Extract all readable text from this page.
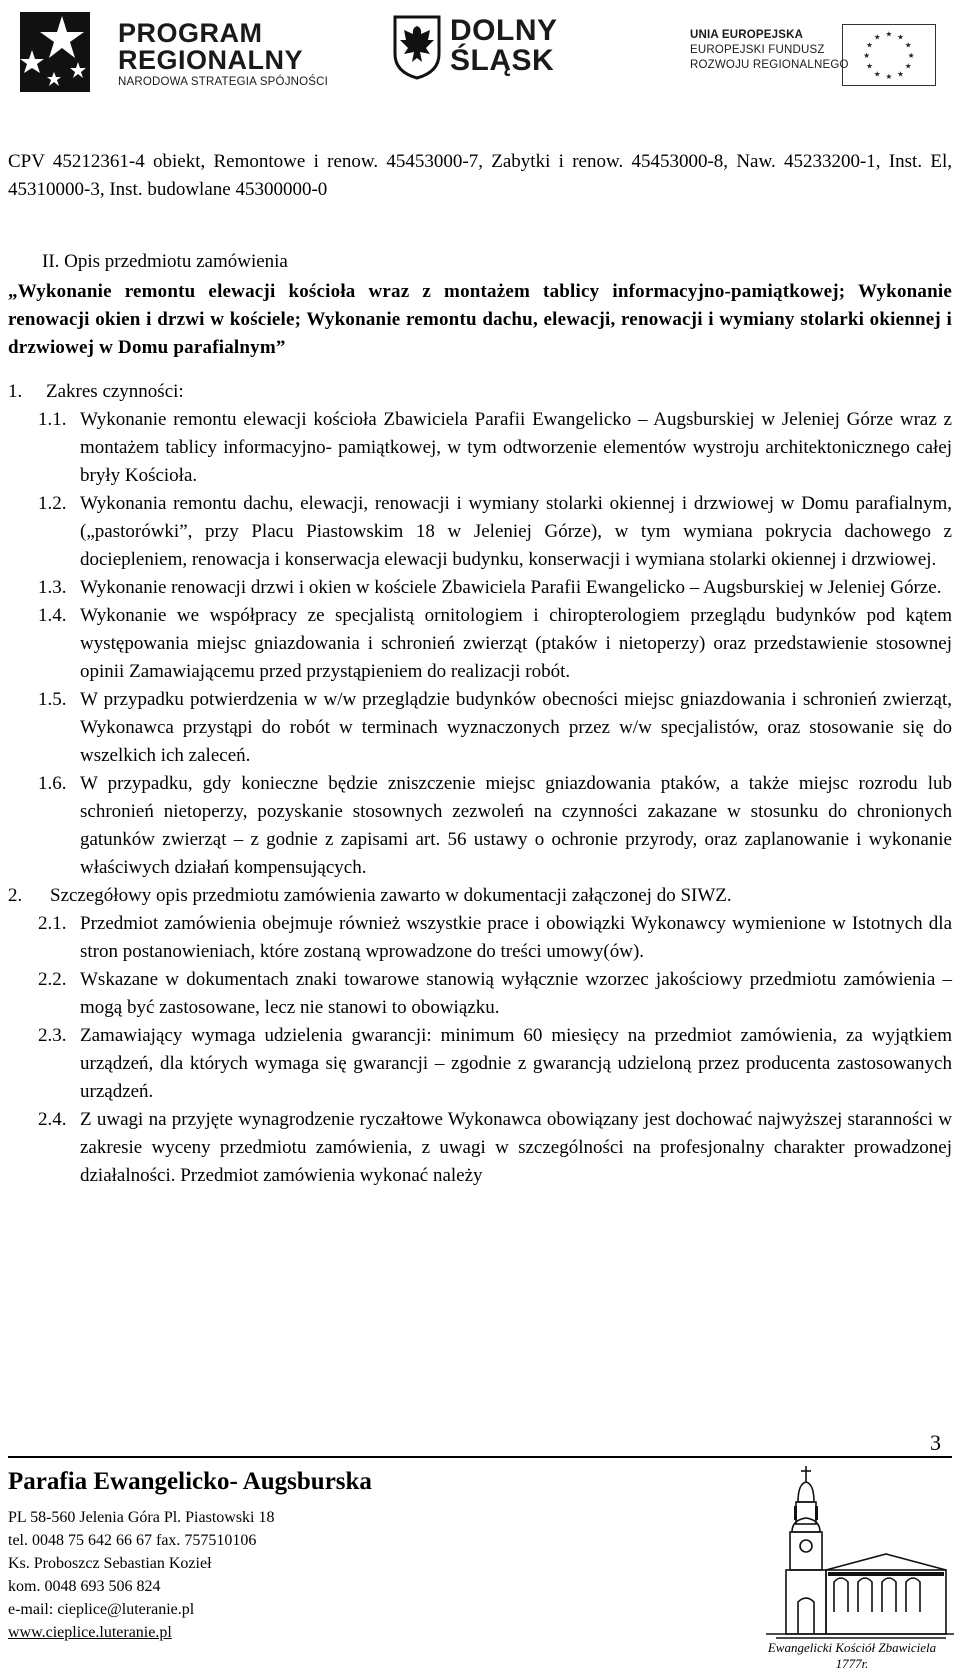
PROGRAM
REGIONALNY
NARODOWA STRATEGIA SPÓJNOŚCI
DOLNY
ŚLĄSK
UNIA EUROPEJSKA
EUROPEJSKI FUNDUSZ
ROZWOJU REGIONALNEGO
★ ★
★
★
★
★
★
★
★
★
★
★

CPV 45212361-4 obiekt, Remontowe i renow. 45453000-7, Zabytki i renow. 45453000-8, Naw. 45233200-1, Inst. El, 45310000-3, Inst. budowlane 45300000-0

II. Opis przedmiotu zamówienia

„Wykonanie remontu elewacji kościoła wraz z montażem tablicy informacyjno-pamiątkowej; Wykonanie renowacji okien i drzwi w kościele; Wykonanie remontu dachu, elewacji, renowacji i wymiany stolarki okiennej i drzwiowej w Domu parafialnym”

1.	Zakres czynności:
1.1. Wykonanie remontu elewacji kościoła Zbawiciela Parafii Ewangelicko – Augsburskiej w Jeleniej Górze wraz z montażem tablicy informacyjno- pamiątkowej, w tym odtworzenie elementów wystroju architektonicznego całej bryły Kościoła.
1.2. Wykonania remontu dachu, elewacji, renowacji i wymiany stolarki okiennej i drzwiowej w Domu parafialnym, („pastorówki”, przy Placu Piastowskim 18 w Jeleniej Górze), w tym wymiana pokrycia dachowego z dociepleniem, renowacja i konserwacja elewacji budynku, konserwacji i wymiana stolarki okiennej i drzwiowej.
1.3. Wykonanie renowacji drzwi i okien w kościele Zbawiciela Parafii Ewangelicko – Augsburskiej w Jeleniej Górze.
1.4. Wykonanie we współpracy ze specjalistą ornitologiem i chiropterologiem przeglądu budynków pod kątem występowania miejsc gniazdowania i schronień zwierząt (ptaków i nietoperzy) oraz przedstawienie stosownej opinii Zamawiającemu przed przystąpieniem do realizacji robót.
1.5. W przypadku potwierdzenia w w/w przeglądzie budynków obecności miejsc gniazdowania i schronień zwierząt, Wykonawca przystąpi do robót w terminach wyznaczonych przez w/w specjalistów, oraz stosowanie się do wszelkich ich zaleceń.
1.6. W przypadku, gdy konieczne będzie zniszczenie miejsc gniazdowania ptaków, a także miejsc rozrodu lub schronień nietoperzy, pozyskanie stosownych zezwoleń na czynności zakazane w stosunku do chronionych gatunków zwierząt – z godnie z zapisami art. 56 ustawy o ochronie przyrody, oraz zaplanowanie i wykonanie właściwych działań kompensujących.
2.	Szczegółowy opis przedmiotu zamówienia zawarto w dokumentacji załączonej do SIWZ.
2.1. Przedmiot zamówienia obejmuje również wszystkie prace i obowiązki Wykonawcy wymienione w Istotnych dla stron postanowieniach, które zostaną wprowadzone do treści umowy(ów).
2.2. Wskazane w dokumentach znaki towarowe stanowią wyłącznie wzorzec jakościowy przedmiotu zamówienia – mogą być zastosowane, lecz nie stanowi to obowiązku.
2.3. Zamawiający wymaga udzielenia gwarancji: minimum 60 miesięcy na przedmiot zamówienia, za wyjątkiem urządzeń, dla których wymaga się gwarancji – zgodnie z gwarancją udzieloną przez producenta zastosowanych urządzeń.
2.4. Z uwagi na przyjęte wynagrodzenie ryczałtowe Wykonawca obowiązany jest dochować najwyższej staranności w zakresie wyceny przedmiotu zamówienia, z uwagi w szczególności na profesjonalny charakter prowadzonej działalności. Przedmiot zamówienia wykonać należy
3
Parafia Ewangelicko- Augsburska
PL 58-560 Jelenia Góra Pl. Piastowski 18
tel. 0048 75 642 66 67 fax. 757510106
Ks. Proboszcz Sebastian Kozieł
kom. 0048 693 506 824
e-mail: cieplice@luteranie.pl
www.cieplice.luteranie.pl
Ewangelicki Kościół Zbawiciela
1777r.
